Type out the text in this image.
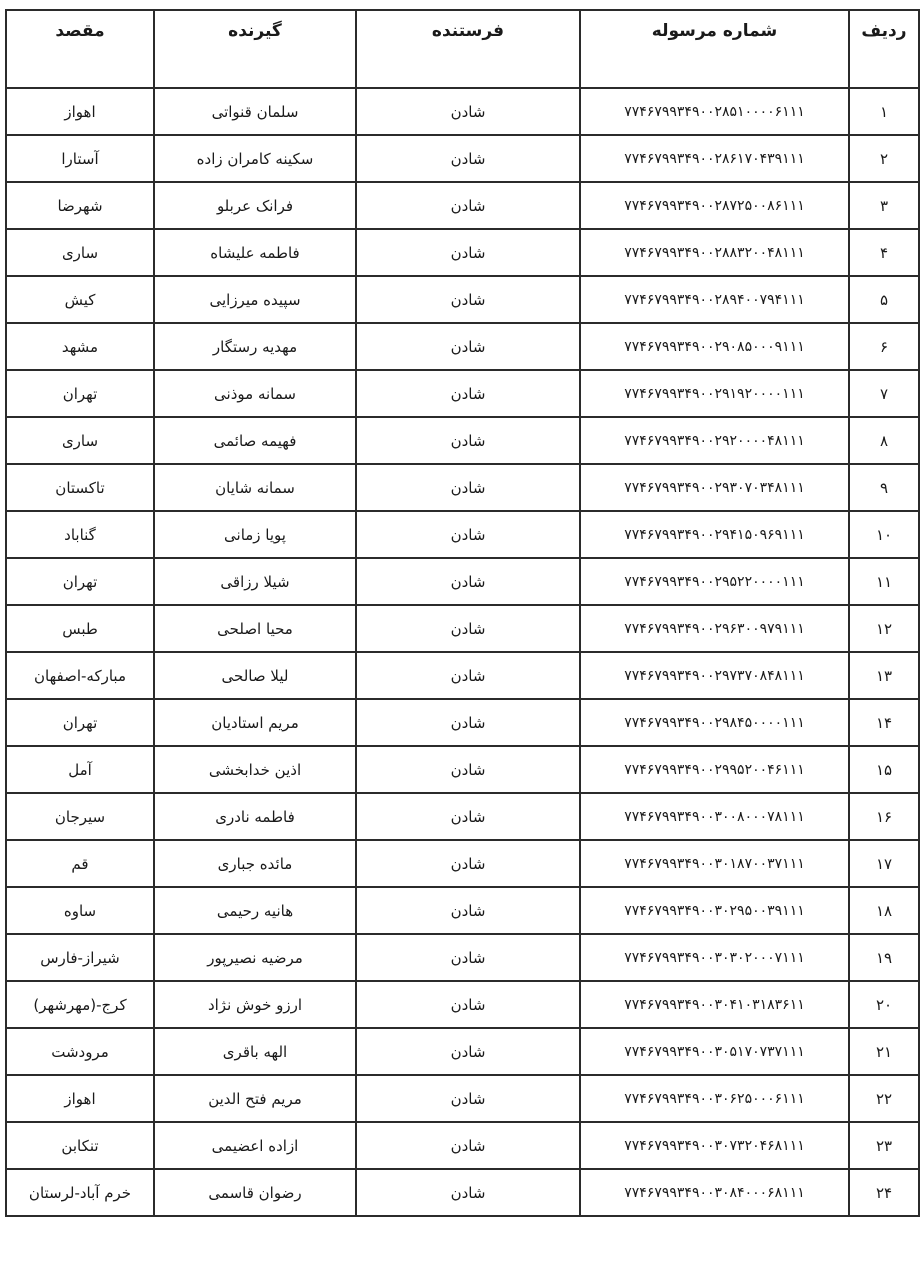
ردیف	شماره مرسوله	فرستنده	گیرنده	مقصد
۱	۷۷۴۶۷۹۹۳۴۹۰۰۲۸۵۱۰۰۰۰۶۱۱۱	شادن	سلمان قنواتی	اهواز
۲	۷۷۴۶۷۹۹۳۴۹۰۰۲۸۶۱۷۰۴۳۹۱۱۱	شادن	سکینه کامران زاده	آستارا
۳	۷۷۴۶۷۹۹۳۴۹۰۰۲۸۷۲۵۰۰۸۶۱۱۱	شادن	فرانک عربلو	شهرضا
۴	۷۷۴۶۷۹۹۳۴۹۰۰۲۸۸۳۲۰۰۴۸۱۱۱	شادن	فاطمه علیشاه	ساری
۵	۷۷۴۶۷۹۹۳۴۹۰۰۲۸۹۴۰۰۷۹۴۱۱۱	شادن	سپیده میرزایی	کیش
۶	۷۷۴۶۷۹۹۳۴۹۰۰۲۹۰۸۵۰۰۰۹۱۱۱	شادن	مهدیه رستگار	مشهد
۷	۷۷۴۶۷۹۹۳۴۹۰۰۲۹۱۹۲۰۰۰۰۱۱۱	شادن	سمانه موذنی	تهران
۸	۷۷۴۶۷۹۹۳۴۹۰۰۲۹۲۰۰۰۰۴۸۱۱۱	شادن	فهیمه صائمی	ساری
۹	۷۷۴۶۷۹۹۳۴۹۰۰۲۹۳۰۷۰۳۴۸۱۱۱	شادن	سمانه شایان	تاکستان
۱۰	۷۷۴۶۷۹۹۳۴۹۰۰۲۹۴۱۵۰۹۶۹۱۱۱	شادن	پویا زمانی	گناباد
۱۱	۷۷۴۶۷۹۹۳۴۹۰۰۲۹۵۲۲۰۰۰۰۱۱۱	شادن	شیلا رزاقی	تهران
۱۲	۷۷۴۶۷۹۹۳۴۹۰۰۲۹۶۳۰۰۹۷۹۱۱۱	شادن	محیا اصلحی	طبس
۱۳	۷۷۴۶۷۹۹۳۴۹۰۰۲۹۷۳۷۰۸۴۸۱۱۱	شادن	لیلا صالحی	مبارکه-اصفهان
۱۴	۷۷۴۶۷۹۹۳۴۹۰۰۲۹۸۴۵۰۰۰۰۱۱۱	شادن	مریم استادیان	تهران
۱۵	۷۷۴۶۷۹۹۳۴۹۰۰۲۹۹۵۲۰۰۴۶۱۱۱	شادن	اذین خدابخشی	آمل
۱۶	۷۷۴۶۷۹۹۳۴۹۰۰۳۰۰۸۰۰۰۷۸۱۱۱	شادن	فاطمه نادری	سیرجان
۱۷	۷۷۴۶۷۹۹۳۴۹۰۰۳۰۱۸۷۰۰۳۷۱۱۱	شادن	مائده جباری	قم
۱۸	۷۷۴۶۷۹۹۳۴۹۰۰۳۰۲۹۵۰۰۳۹۱۱۱	شادن	هانیه رحیمی	ساوه
۱۹	۷۷۴۶۷۹۹۳۴۹۰۰۳۰۳۰۲۰۰۰۷۱۱۱	شادن	مرضیه نصیرپور	شیراز-فارس
۲۰	۷۷۴۶۷۹۹۳۴۹۰۰۳۰۴۱۰۳۱۸۳۶۱۱	شادن	ارزو خوش نژاد	کرج-(مهرشهر)
۲۱	۷۷۴۶۷۹۹۳۴۹۰۰۳۰۵۱۷۰۷۳۷۱۱۱	شادن	الهه باقری	مرودشت
۲۲	۷۷۴۶۷۹۹۳۴۹۰۰۳۰۶۲۵۰۰۰۶۱۱۱	شادن	مریم فتح الدین	اهواز
۲۳	۷۷۴۶۷۹۹۳۴۹۰۰۳۰۷۳۲۰۴۶۸۱۱۱	شادن	ازاده اعضیمی	تنکابن
۲۴	۷۷۴۶۷۹۹۳۴۹۰۰۳۰۸۴۰۰۰۶۸۱۱۱	شادن	رضوان قاسمی	خرم آباد-لرستان
